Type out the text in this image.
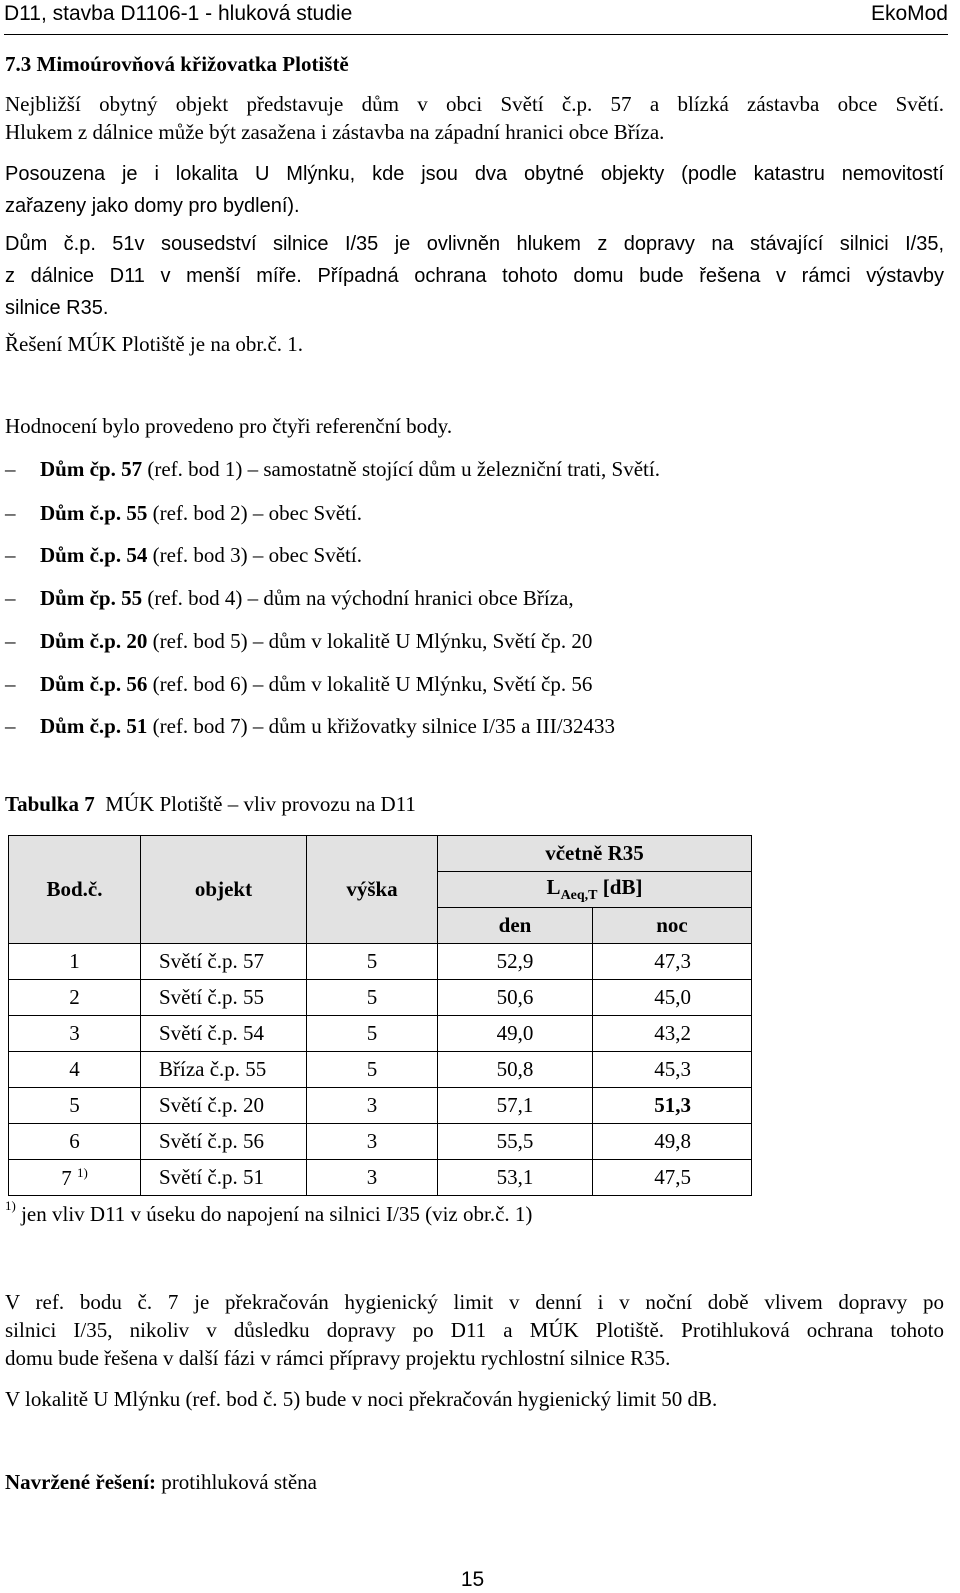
D11, stavba D1106-1 - hluková studie	EkoMod
7.3 Mimoúrovňová křižovatka Plotiště
Nejbližší obytný objekt představuje dům v obci Světí č.p. 57 a blízká zástavba obce Světí.
Hlukem z dálnice může být zasažena i zástavba na západní hranici obce Bříza.
Posouzena je i lokalita U Mlýnku, kde jsou dva obytné objekty (podle katastru nemovitostí
zařazeny jako domy pro bydlení).
Dům č.p. 51v sousedství silnice I/35 je ovlivněn hlukem z dopravy na stávající silnici I/35,
z dálnice D11 v menší míře. Případná ochrana tohoto domu bude řešena v rámci výstavby
silnice R35.
Řešení MÚK Plotiště je na obr.č. 1.
Hodnocení bylo provedeno pro čtyři referenční body.
– Dům čp. 57 (ref. bod 1) – samostatně stojící dům u železniční trati, Světí.
– Dům č.p. 55 (ref. bod 2) – obec Světí.
– Dům č.p. 54 (ref. bod 3) – obec Světí.
– Dům čp. 55 (ref. bod 4) – dům na východní hranici obce Bříza,
– Dům č.p. 20 (ref. bod 5) – dům v lokalitě U Mlýnku, Světí čp. 20
– Dům č.p. 56 (ref. bod 6) – dům v lokalitě U Mlýnku, Světí čp. 56
– Dům č.p. 51 (ref. bod 7) – dům u křižovatky silnice I/35 a III/32433
Tabulka 7 MÚK Plotiště – vliv provozu na D11
Bod.č.	objekt	výška	včetně R35	
			$L_{Aeq,T}$ [dB]	
			den	noc
1	Světí č.p. 57	5	52,9	47,3
2	Světí č.p. 55	5	50,6	45,0
3	Světí č.p. 54	5	49,0	43,2
4	Bříza č.p. 55	5	50,8	45,3
5	Světí č.p. 20	3	57,1	51,3
6	Světí č.p. 56	3	55,5	49,8
7 $^{1)}$	Světí č.p. 51	3	53,1	47,5
$^{1)}$ jen vliv D11 v úseku do napojení na silnici I/35 (viz obr.č. 1)
V ref. bodu č. 7 je překračován hygienický limit v denní i v noční době vlivem dopravy po
silnici I/35, nikoliv v důsledku dopravy po D11 a MÚK Plotiště. Protihluková ochrana tohoto
domu bude řešena v další fázi v rámci přípravy projektu rychlostní silnice R35.
V lokalitě U Mlýnku (ref. bod č. 5) bude v noci překračován hygienický limit 50 dB.
Navržené řešení: protihluková stěna
15
